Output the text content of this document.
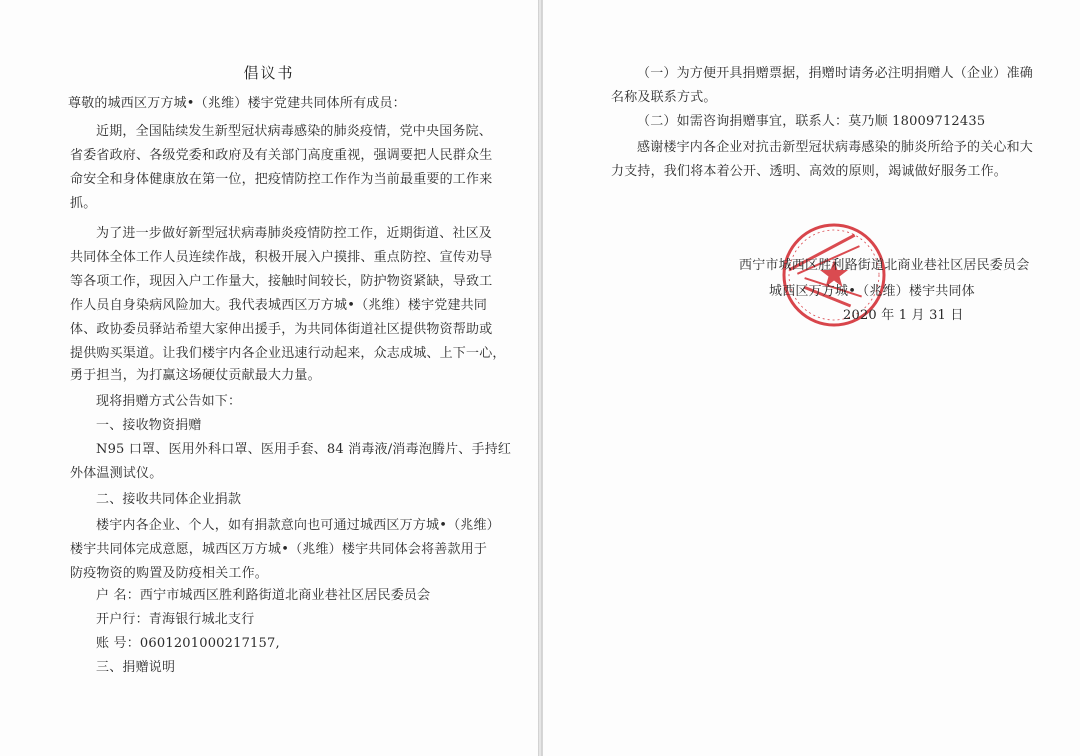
倡议书
尊敬的城西区万方城•（兆维）楼宇党建共同体所有成员：
近期，全国陆续发生新型冠状病毒感染的肺炎疫情，党中央国务院、
省委省政府、各级党委和政府及有关部门高度重视，强调要把人民群众生
命安全和身体健康放在第一位，把疫情防控工作作为当前最重要的工作来
抓。
为了进一步做好新型冠状病毒肺炎疫情防控工作，近期街道、社区及
共同体全体工作人员连续作战，积极开展入户摸排、重点防控、宣传劝导
等各项工作，现因入户工作量大，接触时间较长，防护物资紧缺，导致工
作人员自身染病风险加大。我代表城西区万方城•（兆维）楼宇党建共同
体、政协委员驿站希望大家伸出援手，为共同体街道社区提供物资帮助或
提供购买渠道。让我们楼宇内各企业迅速行动起来，众志成城、上下一心，
勇于担当，为打赢这场硬仗贡献最大力量。
现将捐赠方式公告如下：
一、接收物资捐赠
N95 口罩、医用外科口罩、医用手套、84 消毒液/消毒泡腾片、手持红
外体温测试仪。
二、接收共同体企业捐款
楼宇内各企业、个人，如有捐款意向也可通过城西区万方城•（兆维）
楼宇共同体完成意愿，城西区万方城•（兆维）楼宇共同体会将善款用于
防疫物资的购置及防疫相关工作。
户 名：西宁市城西区胜利路街道北商业巷社区居民委员会
开户行：青海银行城北支行
账 号：0601201000217157,
三、捐赠说明
（一）为方便开具捐赠票据，捐赠时请务必注明捐赠人（企业）准确
名称及联系方式。
（二）如需咨询捐赠事宜，联系人：莫乃顺 18009712435
感谢楼宇内各企业对抗击新型冠状病毒感染的肺炎所给予的关心和大
力支持，我们将本着公开、透明、高效的原则，竭诚做好服务工作。
西宁市城西区胜利路街道北商业巷社区居民委员会
城西区万方城•（兆维）楼宇共同体
2020 年 1 月 31 日
